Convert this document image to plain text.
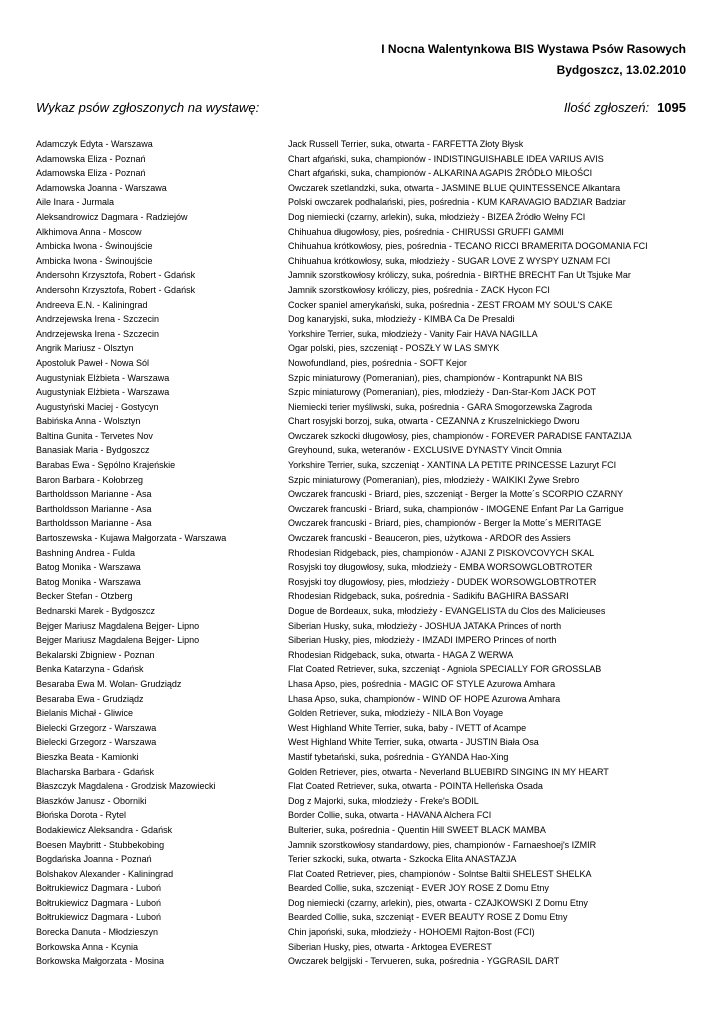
I Nocna Walentynkowa BIS Wystawa Psów Rasowych
Bydgoszcz, 13.02.2010
Wykaz psów zgłoszonych na wystawę:	Ilość zgłoszeń: 1095
Adamczyk Edyta - Warszawa	Jack Russell Terrier, suka, otwarta - FARFETTA Złoty Błysk
Adamowska Eliza - Poznań	Chart afgański, suka, championów - INDISTINGUISHABLE IDEA VARIUS AVIS
Adamowska Eliza - Poznań	Chart afgański, suka, championów - ALKARINA AGAPIS ŹRÓDŁO MIŁOŚCI
Adamowska Joanna - Warszawa	Owczarek szetlandzki, suka, otwarta - JASMINE BLUE QUINTESSENCE Alkantara
Aile Inara - Jurmala	Polski owczarek podhalański, pies, pośrednia - KUM KARAVAGIO BADZIAR Badziar
Aleksandrowicz Dagmara - Radziejów	Dog niemiecki (czarny, arlekin), suka, młodzieży - BIZEA Źródło Wełny FCI
Alkhimova Anna - Moscow	Chihuahua długowłosy, pies, pośrednia - CHIRUSSI GRUFFI GAMMI
Ambicka Iwona - Świnoujście	Chihuahua krótkowłosy, pies, pośrednia - TECANO RICCI BRAMERITA DOGOMANIA FCI
Ambicka Iwona - Świnoujście	Chihuahua krótkowłosy, suka, młodzieży - SUGAR LOVE Z WYSPY UZNAM FCI
Andersohn Krzysztofa, Robert - Gdańsk	Jamnik szorstkowłosy króliczy, suka, pośrednia - BIRTHE BRECHT Fan Ut Tsjuke Mar
Andersohn Krzysztofa, Robert - Gdańsk	Jamnik szorstkowłosy króliczy, pies, pośrednia - ZACK Hycon FCI
Andreeva E.N. - Kaliningrad	Cocker spaniel amerykański, suka, pośrednia - ZEST FROAM MY SOUL'S CAKE
Andrzejewska Irena - Szczecin	Dog kanaryjski, suka, młodzieży - KIMBA Ca De Presaldi
Andrzejewska Irena - Szczecin	Yorkshire Terrier, suka, młodzieży - Vanity Fair HAVA NAGILLA
Angrik Mariusz - Olsztyn	Ogar polski, pies, szczeniąt - POSZŁY W LAS SMYK
Apostoluk Paweł - Nowa Sól	Nowofundland, pies, pośrednia - SOFT Kejor
Augustyniak Elżbieta - Warszawa	Szpic miniaturowy (Pomeranian), pies, championów - Kontrapunkt NA BIS
Augustyniak Elżbieta - Warszawa	Szpic miniaturowy (Pomeranian), pies, młodzieży - Dan-Star-Kom JACK POT
Augustyński Maciej - Gostycyn	Niemiecki terier myśliwski, suka, pośrednia - GARA Smogorzewska Zagroda
Babińska Anna - Wolsztyn	Chart rosyjski borzoj, suka, otwarta - CEZANNA z Kruszelnickiego Dworu
Baltina Gunita - Tervetes Nov	Owczarek szkocki długowłosy, pies, championów - FOREVER PARADISE FANTAZIJA
Banasiak Maria - Bydgoszcz	Greyhound, suka, weteranów - EXCLUSIVE DYNASTY Vincit Omnia
Barabas Ewa - Sępólno Krajeńskie	Yorkshire Terrier, suka, szczeniąt - XANTINA LA PETITE PRINCESSE Lazuryt FCI
Baron Barbara - Kołobrzeg	Szpic miniaturowy (Pomeranian), pies, młodzieży - WAIKIKI Żywe Srebro
Bartholdsson Marianne - Asa	Owczarek francuski - Briard, pies, szczeniąt - Berger la Motte´s SCORPIO CZARNY
Bartholdsson Marianne - Asa	Owczarek francuski - Briard, suka, championów - IMOGENE Enfant Par La Garrigue
Bartholdsson Marianne - Asa	Owczarek francuski - Briard, pies, championów - Berger la Motte´s MERITAGE
Bartoszewska - Kujawa Małgorzata - Warszawa	Owczarek francuski - Beauceron, pies, użytkowa - ARDOR des Assiers
Bashning Andrea - Fulda	Rhodesian Ridgeback, pies, championów - AJANI Z PISKOVCOVYCH SKAL
Batog Monika - Warszawa	Rosyjski toy długowłosy, suka, młodzieży - EMBA WORSOWGLOBTROTER
Batog Monika - Warszawa	Rosyjski toy długowłosy, pies, młodzieży - DUDEK WORSOWGLOBTROTER
Becker Stefan - Otzberg	Rhodesian Ridgeback, suka, pośrednia - Sadikifu BAGHIRA BASSARI
Bednarski Marek - Bydgoszcz	Dogue de Bordeaux, suka, młodzieży - EVANGELISTA du Clos des Malicieuses
Bejger Mariusz Magdalena Bejger- Lipno	Siberian Husky, suka, młodzieży - JOSHUA JATAKA Princes of north
Bejger Mariusz Magdalena Bejger- Lipno	Siberian Husky, pies, młodzieży - IMZADI IMPERO Princes of north
Bekalarski Zbigniew - Poznan	Rhodesian Ridgeback, suka, otwarta - HAGA Z WERWA
Benka Katarzyna - Gdańsk	Flat Coated Retriever, suka, szczeniąt - Agniola SPECIALLY FOR GROSSLAB
Besaraba Ewa M. Wolan- Grudziądz	Lhasa Apso, pies, pośrednia - MAGIC OF STYLE Azurowa Amhara
Besaraba Ewa - Grudziądz	Lhasa Apso, suka, championów - WIND OF HOPE Azurowa Amhara
Bielanis Michał - Gliwice	Golden Retriever, suka, młodzieży - NILA Bon Voyage
Bielecki Grzegorz - Warszawa	West Highland White Terrier, suka, baby - IVETT of Acampe
Bielecki Grzegorz - Warszawa	West Highland White Terrier, suka, otwarta - JUSTIN Biała Osa
Bieszka Beata - Kamionki	Mastif tybetański, suka, pośrednia - GYANDA Hao-Xing
Blacharska Barbara - Gdańsk	Golden Retriever, pies, otwarta - Neverland BLUEBIRD SINGING IN MY HEART
Błaszczyk Magdalena - Grodzisk Mazowiecki	Flat Coated Retriever, suka, otwarta - POINTA Helleńska Osada
Błaszków Janusz - Oborniki	Dog z Majorki, suka, młodzieży - Freke's BODIL
Błońska Dorota - Rytel	Border Collie, suka, otwarta - HAVANA Alchera FCI
Bodakiewicz Aleksandra - Gdańsk	Bulterier, suka, pośrednia - Quentin Hill SWEET BLACK MAMBA
Boesen Maybritt - Stubbekobing	Jamnik szorstkowłosy standardowy, pies, championów - Farnaeshoej's IZMIR
Bogdańska Joanna - Poznań	Terier szkocki, suka, otwarta - Szkocka Elita ANASTAZJA
Bolshakov Alexander - Kaliningrad	Flat Coated Retriever, pies, championów - Solntse Baltii SHELEST SHELKA
Bołtrukiewicz Dagmara - Luboń	Bearded Collie, suka, szczeniąt - EVER JOY ROSE Z Domu Etny
Bołtrukiewicz Dagmara - Luboń	Dog niemiecki (czarny, arlekin), pies, otwarta - CZAJKOWSKI Z Domu Etny
Bołtrukiewicz Dagmara - Luboń	Bearded Collie, suka, szczeniąt - EVER BEAUTY ROSE Z Domu Etny
Borecka Danuta - Młodzieszyn	Chin japoński, suka, młodzieży - HOHOEMI Rajton-Bost (FCI)
Borkowska Anna - Kcynia	Siberian Husky, pies, otwarta - Arktogea EVEREST
Borkowska Małgorzata - Mosina	Owczarek belgijski - Tervueren, suka, pośrednia - YGGRASIL DART
